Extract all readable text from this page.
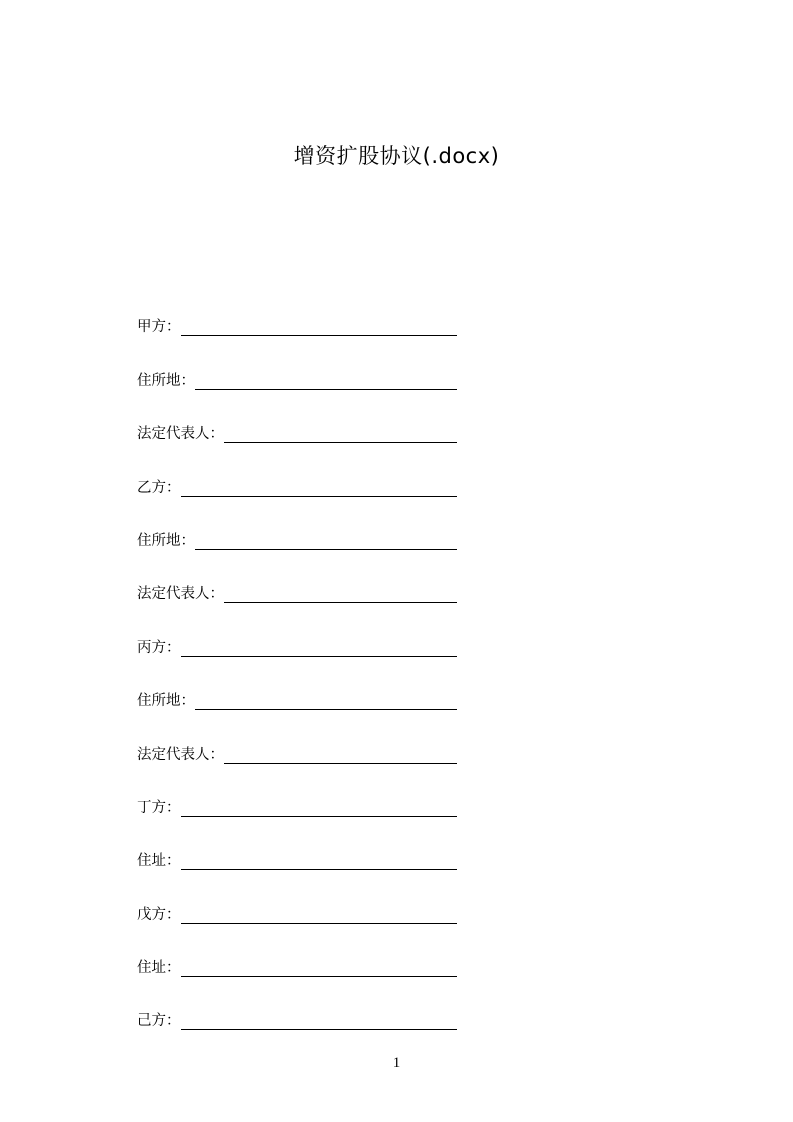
增资扩股协议(.docx)
甲方：
住所地：
法定代表人：
乙方：
住所地：
法定代表人：
丙方：
住所地：
法定代表人：
丁方：
住址：
戊方：
住址：
己方：
1
